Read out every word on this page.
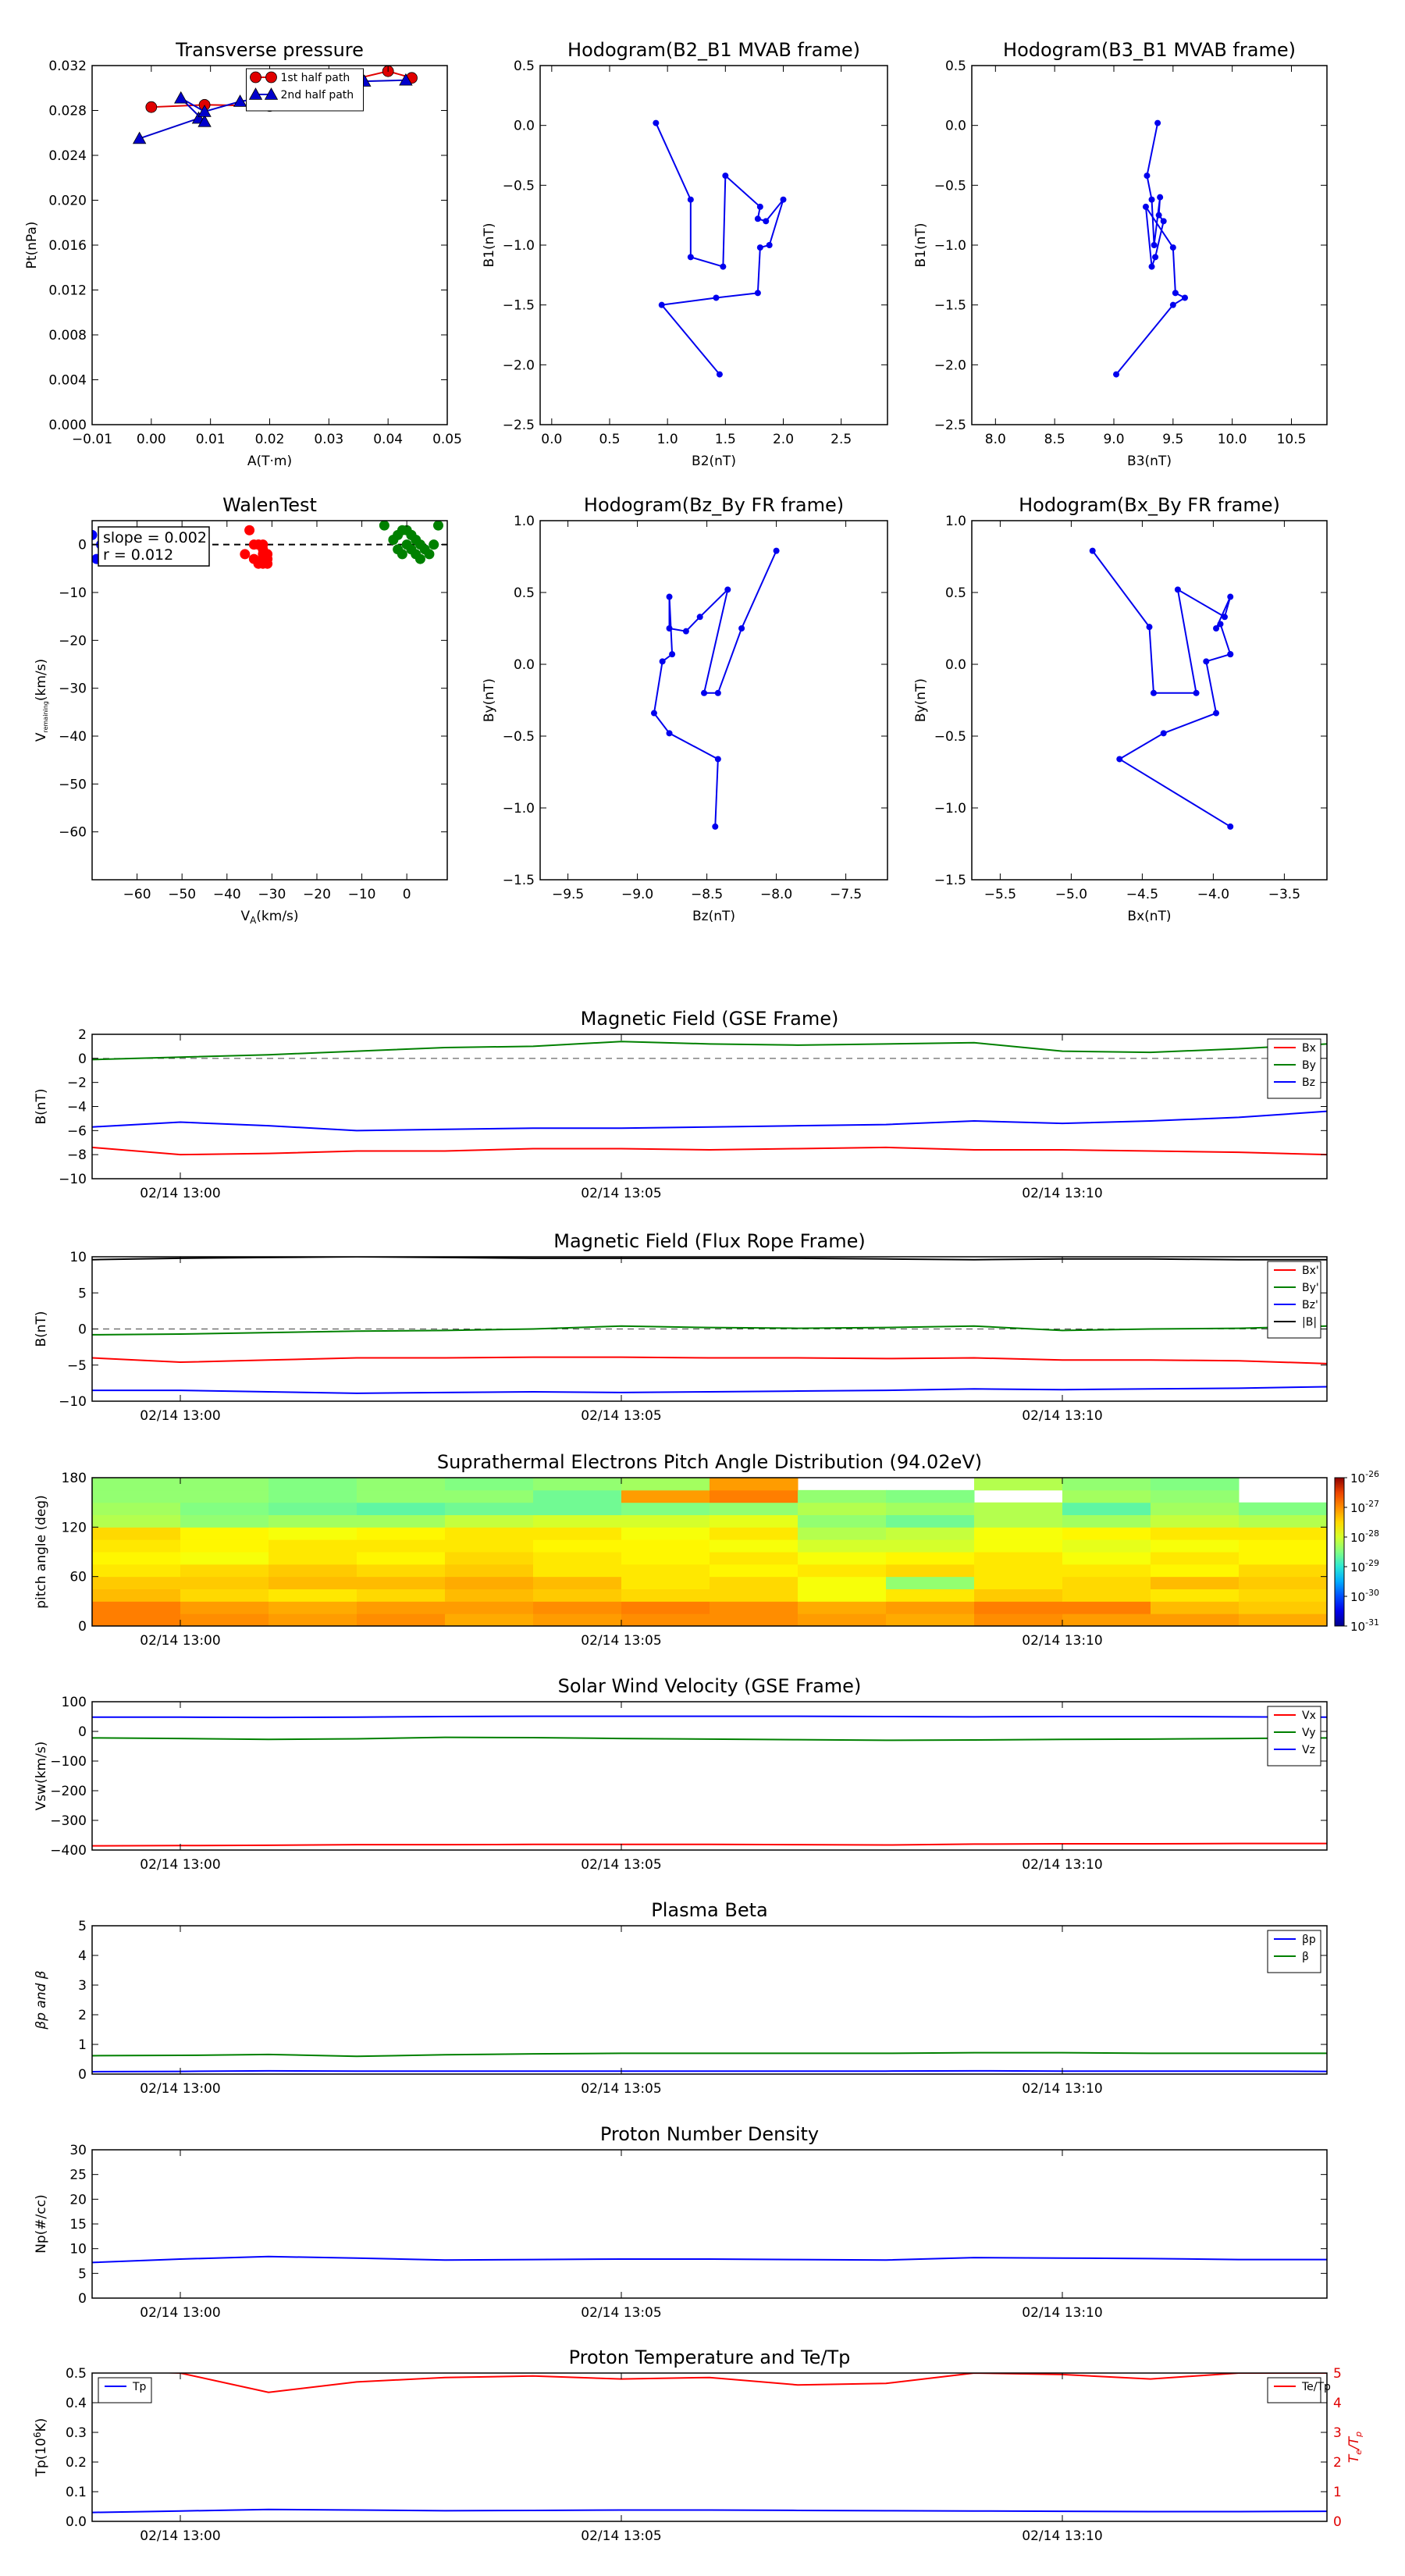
Transverse pressure
0.000
0.004
0.008
0.012
0.016
0.020
0.024
0.028
0.032
−0.01 0.00 0.01 0.02 0.03 0.04 0.05
A(T·m)
Pt(nPa)
1st half path
2nd half path
Hodogram(B2_B1 MVAB frame)
−2.5
−2.0
−1.5
−1.0
−0.5
0.0
0.5
0.0	0.5	1.0	1.5	2.0	2.5
B2(nT)
B1(nT)
Hodogram(B3_B1 MVAB frame)
−2.5
−2.0
−1.5
−1.0
−0.5
0.0
0.5
8.0	8.5	9.0	9.5	10.0 10.5
B3(nT)
B1(nT)
WalenTest
−60
−50
−40
−30
−20
−10
0
−60 −50 −40 −30 −20 −10 0
$V_A(km/s)$
Vremaining(km/s)
slope = 0.002
r = 0.012
Hodogram(Bz_By FR frame)
−1.5
−1.0
−0.5
0.0
0.5
1.0
−9.5	−9.0	−8.5	−8.0	−7.5
Bz(nT)
By(nT)
Hodogram(Bx_By FR frame)
−1.5
−1.0
−0.5
0.0
0.5
1.0
−5.5	−5.0	−4.5	−4.0	−3.5
Bx(nT)
By(nT)
Magnetic Field (GSE Frame)
−10
−8
−6
−4
−2
0
2
02/14 13:00	02/14 13:05	02/14 13:10
B(nT)
Bx
By
Bz
Magnetic Field (Flux Rope Frame)
−10
−5
0
5
10
02/14 13:00	02/14 13:05	02/14 13:10
B(nT)
Bx'
By'
Bz'
|B|
Suprathermal Electrons Pitch Angle Distribution (94.02eV)
$10^{-31}$
$10^{-30}$
$10^{-29}$
$10^{-28}$
$10^{-27}$
$10^{-26}$
0
60
120
180
02/14 13:00	02/14 13:05	02/14 13:10
pitch angle (deg)
Solar Wind Velocity (GSE Frame)
−400
−300
−200
−100
0
100
02/14 13:00	02/14 13:05	02/14 13:10
Vsw(km/s)
Vx
Vy
Vz
Plasma Beta
0
1
2
3
4
5
02/14 13:00	02/14 13:05	02/14 13:10
βp and β
βp
β
Proton Number Density
0
5
10
15
20
25
30
02/14 13:00	02/14 13:05	02/14 13:10
Np(#/cc)
Proton Temperature and Te/Tp
0.0
0.1
0.2
0.3
0.4
0.5
0
1
2
3
4
5
02/14 13:00	02/14 13:05	02/14 13:10
$Tp(10^6K)$
$T_e/T_p$
Tp	Te/Tp
